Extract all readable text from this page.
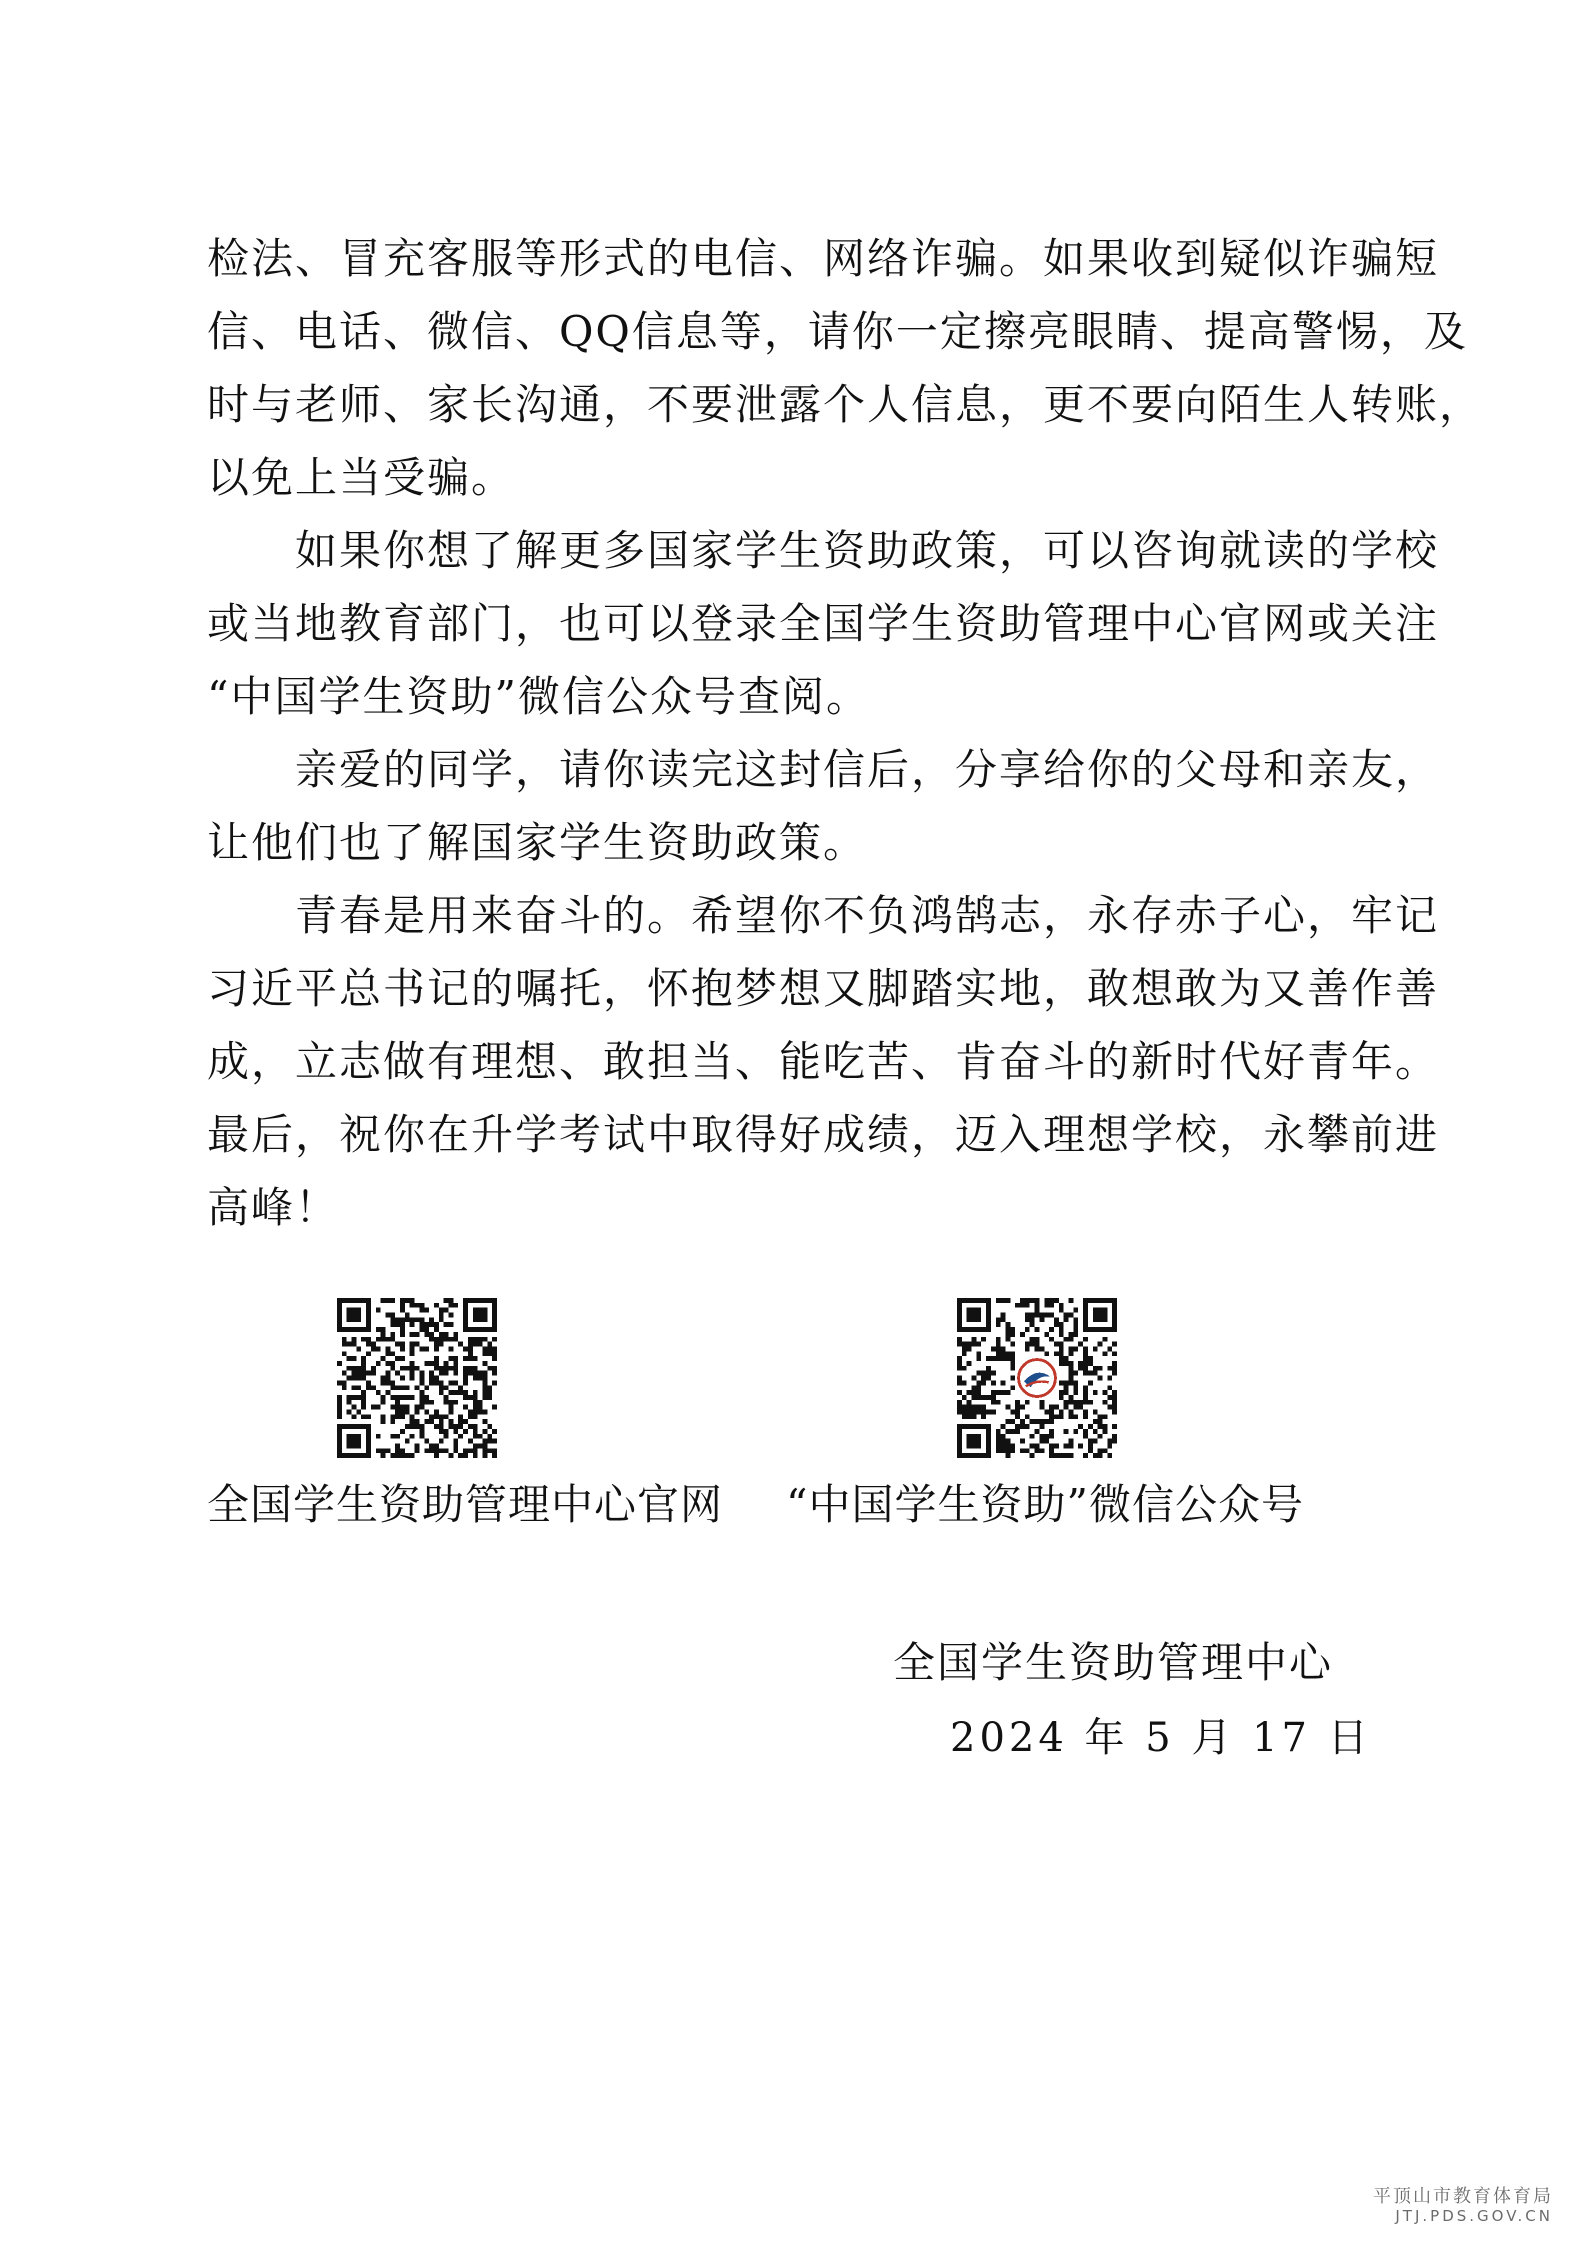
检法、冒充客服等形式的电信、网络诈骗。如果收到疑似诈骗短
信、电话、微信、QQ信息等，请你一定擦亮眼睛、提高警惕，及
时与老师、家长沟通，不要泄露个人信息，更不要向陌生人转账，
以免上当受骗。
　　如果你想了解更多国家学生资助政策，可以咨询就读的学校
或当地教育部门，也可以登录全国学生资助管理中心官网或关注
“中国学生资助”微信公众号查阅。
　　亲爱的同学，请你读完这封信后，分享给你的父母和亲友，
让他们也了解国家学生资助政策。
　　青春是用来奋斗的。希望你不负鸿鹄志，永存赤子心，牢记
习近平总书记的嘱托，怀抱梦想又脚踏实地，敢想敢为又善作善
成，立志做有理想、敢担当、能吃苦、肯奋斗的新时代好青年。
最后，祝你在升学考试中取得好成绩，迈入理想学校，永攀前进
高峰！
全国学生资助管理中心官网 “中国学生资助”微信公众号
全国学生资助管理中心
2024 年 5 月 17 日
平顶山市教育体育局
JTJ.PDS.GOV.CN
